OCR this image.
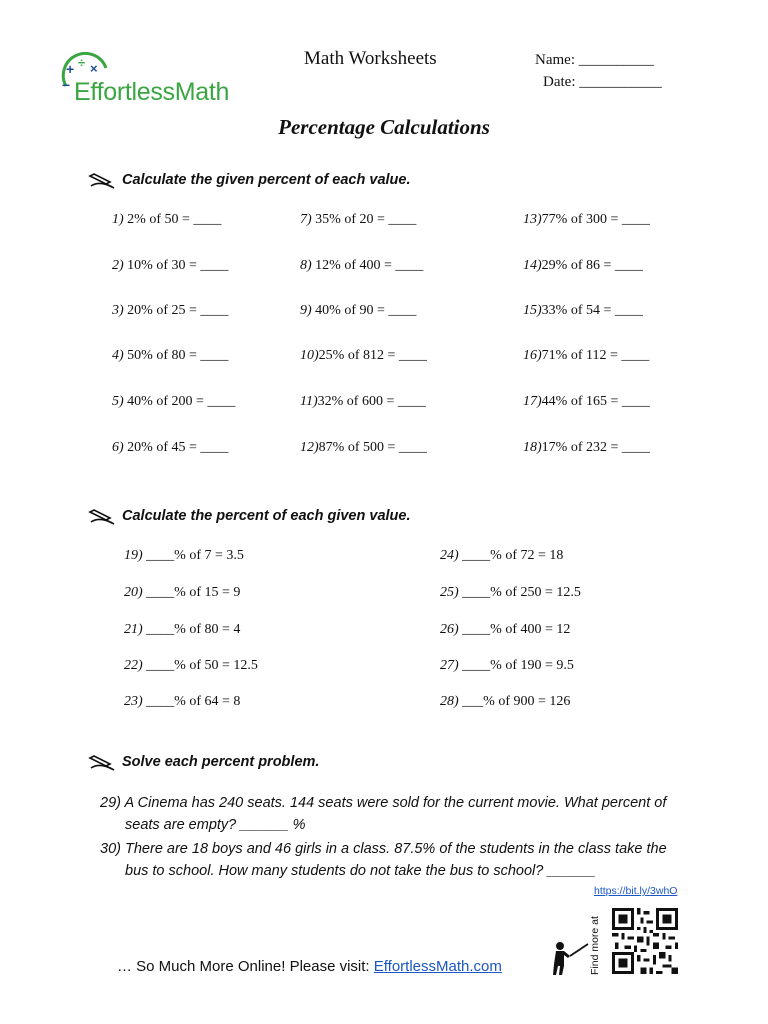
+ ÷ ×
− EffortlessMath
Math Worksheets	Name: __________
Date: ___________
Percentage Calculations
Calculate the given percent of each value.
1) 2% of 50 = ____
2) 10% of 30 = ____
3) 20% of 25 = ____
4) 50% of 80 = ____
5) 40% of 200 = ____
6) 20% of 45 = ____
7) 35% of 20 = ____
8) 12% of 400 = ____
9) 40% of 90 = ____
10)25% of 812 = ____
11)32% of 600 = ____
12)87% of 500 = ____
13)77% of 300 = ____
14)29% of 86 = ____
15)33% of 54 = ____
16)71% of 112 = ____
17)44% of 165 = ____
18)17% of 232 = ____
Calculate the percent of each given value.
19) ____% of 7 = 3.5
20) ____% of 15 = 9
21) ____% of 80 = 4
22) ____% of 50 = 12.5
23) ____% of 64 = 8
24) ____% of 72 = 18
25) ____% of 250 = 12.5
26) ____% of 400 = 12
27) ____% of 190 = 9.5
28) ___% of 900 = 126
Solve each percent problem.
29) A Cinema has 240 seats. 144 seats were sold for the current movie. What percent of
seats are empty? ______ %
30) There are 18 boys and 46 girls in a class. 87.5% of the students in the class take the
bus to school. How many students do not take the bus to school? ______
https://bit.ly/3whO
Find more at
… So Much More Online! Please visit: EffortlessMath.com
